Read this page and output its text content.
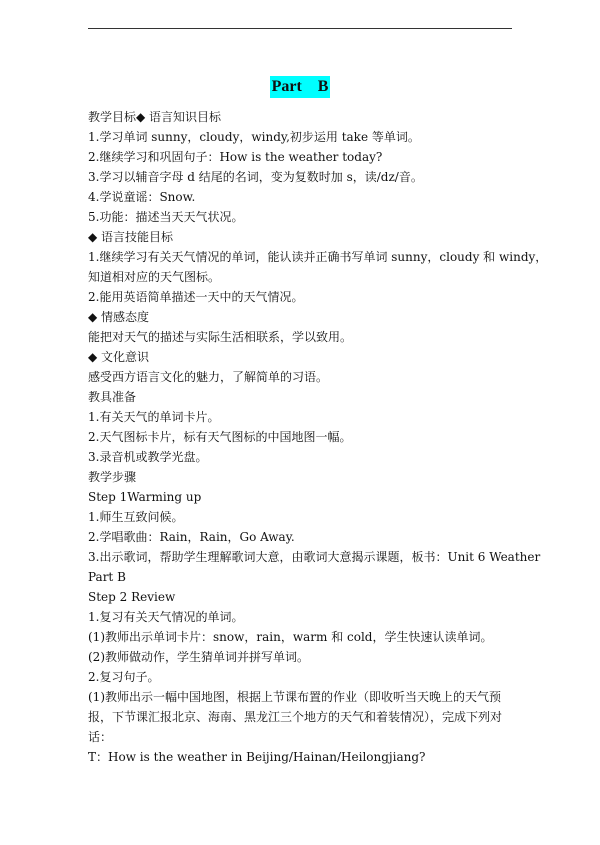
Part    B

教学目标◆ 语言知识目标

1.学习单词 sunny，cloudy，windy,初步运用 take 等单词。

2.继续学习和巩固句子：How is the weather today?

3.学习以辅音字母 d 结尾的名词，变为复数时加 s，读/dz/音。

4.学说童谣：Snow.

5.功能：描述当天天气状况。

◆ 语言技能目标

1.继续学习有关天气情况的单词，能认读并正确书写单词 sunny，cloudy 和 windy，

知道相对应的天气图标。

2.能用英语简单描述一天中的天气情况。

◆ 情感态度

能把对天气的描述与实际生活相联系，学以致用。

◆ 文化意识

感受西方语言文化的魅力，了解简单的习语。

教具准备

1.有关天气的单词卡片。

2.天气图标卡片，标有天气图标的中国地图一幅。

3.录音机或教学光盘。

教学步骤

Step 1Warming up

1.师生互致问候。

2.学唱歌曲：Rain，Rain，Go Away.

3.出示歌词，帮助学生理解歌词大意，由歌词大意揭示课题，板书：Unit 6 Weather

Part B

Step 2 Review

1.复习有关天气情况的单词。

(1)教师出示单词卡片：snow，rain，warm 和 cold，学生快速认读单词。

(2)教师做动作，学生猜单词并拼写单词。

2.复习句子。

(1)教师出示一幅中国地图，根据上节课布置的作业（即收听当天晚上的天气预

报，下节课汇报北京、海南、黑龙江三个地方的天气和着装情况），完成下列对

话：

T：How is the weather in Beijing/Hainan/Heilongjiang?
